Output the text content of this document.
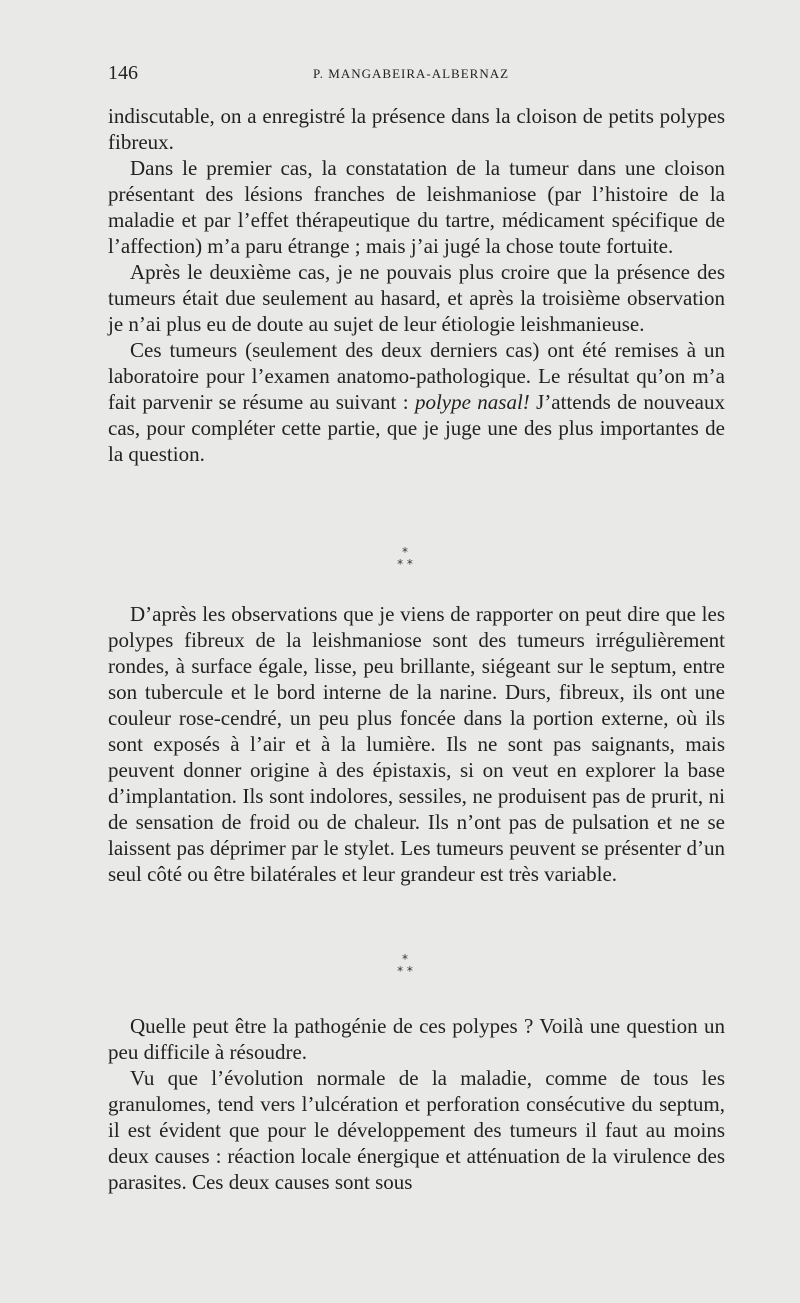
146	P. MANGABEIRA-ALBERNAZ

indiscutable, on a enregistré la présence dans la cloison de petits polypes fibreux.

Dans le premier cas, la constatation de la tumeur dans une cloison présentant des lésions franches de leishmaniose (par l’histoire de la maladie et par l’effet thérapeutique du tartre, médicament spécifique de l’affection) m’a paru étrange ; mais j’ai jugé la chose toute fortuite.

Après le deuxième cas, je ne pouvais plus croire que la présence des tumeurs était due seulement au hasard, et après la troisième observation je n’ai plus eu de doute au sujet de leur étiologie leishmanieuse.

Ces tumeurs (seulement des deux derniers cas) ont été remises à un laboratoire pour l’examen anatomo-pathologique. Le résultat qu’on m’a fait parvenir se résume au suivant : polype nasal! J’attends de nouveaux cas, pour compléter cette partie, que je juge une des plus importantes de la question.

*
* *

D’après les observations que je viens de rapporter on peut dire que les polypes fibreux de la leishmaniose sont des tumeurs irrégulièrement rondes, à surface égale, lisse, peu brillante, siégeant sur le septum, entre son tubercule et le bord interne de la narine. Durs, fibreux, ils ont une couleur rose-cendré, un peu plus foncée dans la portion externe, où ils sont exposés à l’air et à la lumière. Ils ne sont pas saignants, mais peuvent donner origine à des épistaxis, si on veut en explorer la base d’implantation. Ils sont indolores, sessiles, ne produisent pas de prurit, ni de sensation de froid ou de chaleur. Ils n’ont pas de pulsation et ne se laissent pas déprimer par le stylet. Les tumeurs peuvent se présenter d’un seul côté ou être bilatérales et leur grandeur est très variable.

*
* *

Quelle peut être la pathogénie de ces polypes ? Voilà une question un peu difficile à résoudre.

Vu que l’évolution normale de la maladie, comme de tous les granulomes, tend vers l’ulcération et perforation consécutive du septum, il est évident que pour le développement des tumeurs il faut au moins deux causes : réaction locale énergique et atténuation de la virulence des parasites. Ces deux causes sont sous
